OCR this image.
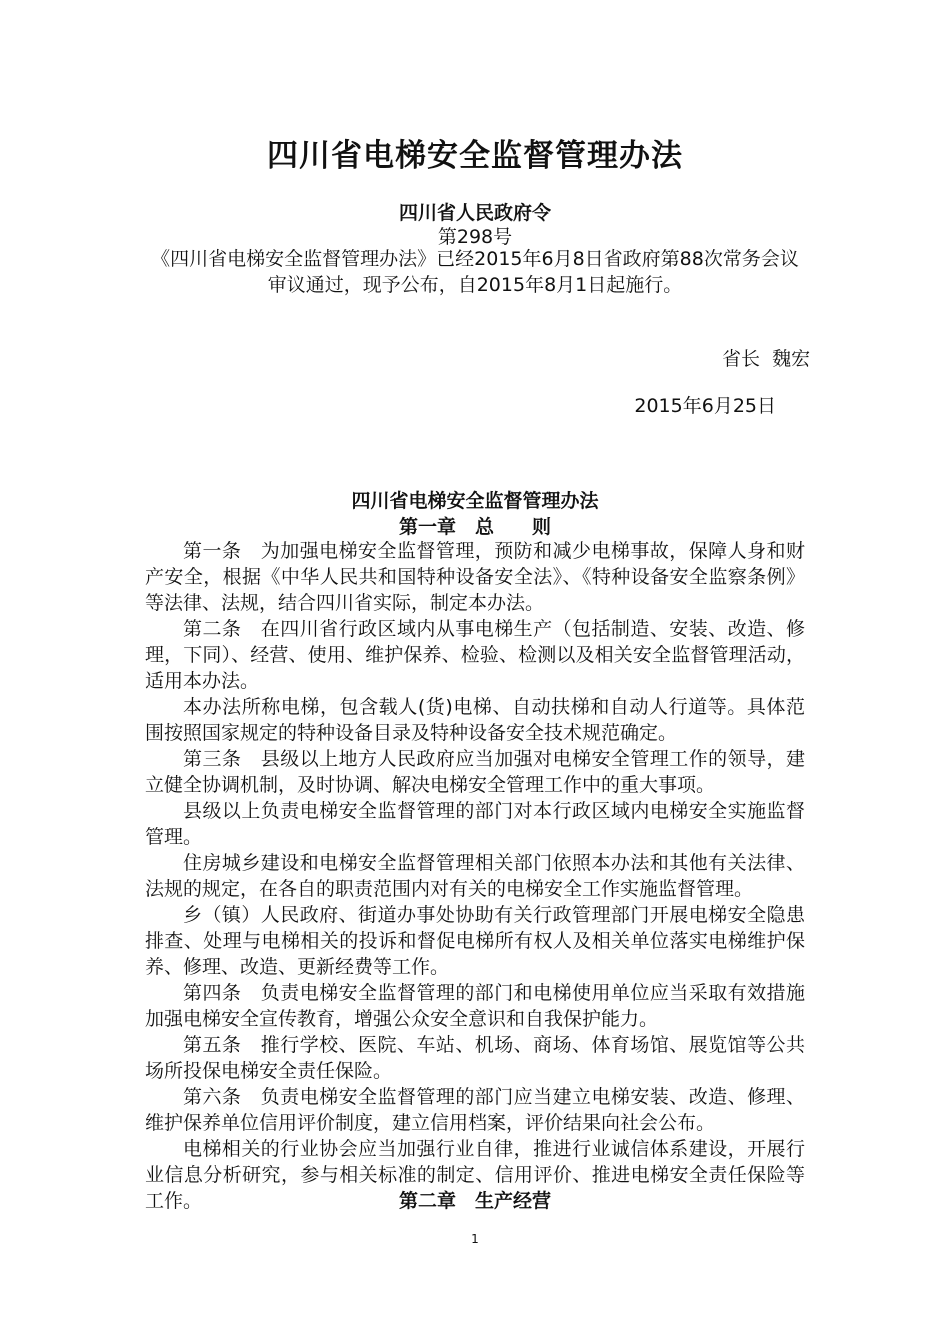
四川省电梯安全监督管理办法
四川省人民政府令
第298号
《四川省电梯安全监督管理办法》已经2015年6月8日省政府第88次常务会议审议通过，现予公布，自2015年8月1日起施行。
省长  魏宏
2015年6月25日
四川省电梯安全监督管理办法
第一章　总　　则

第一条　为加强电梯安全监督管理，预防和减少电梯事故，保障人身和财产安全，根据《中华人民共和国特种设备安全法》、《特种设备安全监察条例》等法律、法规，结合四川省实际，制定本办法。

第二条　在四川省行政区域内从事电梯生产（包括制造、安装、改造、修理，下同）、经营、使用、维护保养、检验、检测以及相关安全监督管理活动，适用本办法。

本办法所称电梯，包含载人(货)电梯、自动扶梯和自动人行道等。具体范围按照国家规定的特种设备目录及特种设备安全技术规范确定。

第三条　县级以上地方人民政府应当加强对电梯安全管理工作的领导，建立健全协调机制，及时协调、解决电梯安全管理工作中的重大事项。

县级以上负责电梯安全监督管理的部门对本行政区域内电梯安全实施监督管理。

住房城乡建设和电梯安全监督管理相关部门依照本办法和其他有关法律、法规的规定，在各自的职责范围内对有关的电梯安全工作实施监督管理。

乡（镇）人民政府、街道办事处协助有关行政管理部门开展电梯安全隐患排查、处理与电梯相关的投诉和督促电梯所有权人及相关单位落实电梯维护保养、修理、改造、更新经费等工作。

第四条　负责电梯安全监督管理的部门和电梯使用单位应当采取有效措施加强电梯安全宣传教育，增强公众安全意识和自我保护能力。

第五条　推行学校、医院、车站、机场、商场、体育场馆、展览馆等公共场所投保电梯安全责任保险。

第六条　负责电梯安全监督管理的部门应当建立电梯安装、改造、修理、维护保养单位信用评价制度，建立信用档案，评价结果向社会公布。

电梯相关的行业协会应当加强行业自律，推进行业诚信体系建设，开展行业信息分析研究，参与相关标准的制定、信用评价、推进电梯安全责任保险等工作。	第二章　生产经营
1
